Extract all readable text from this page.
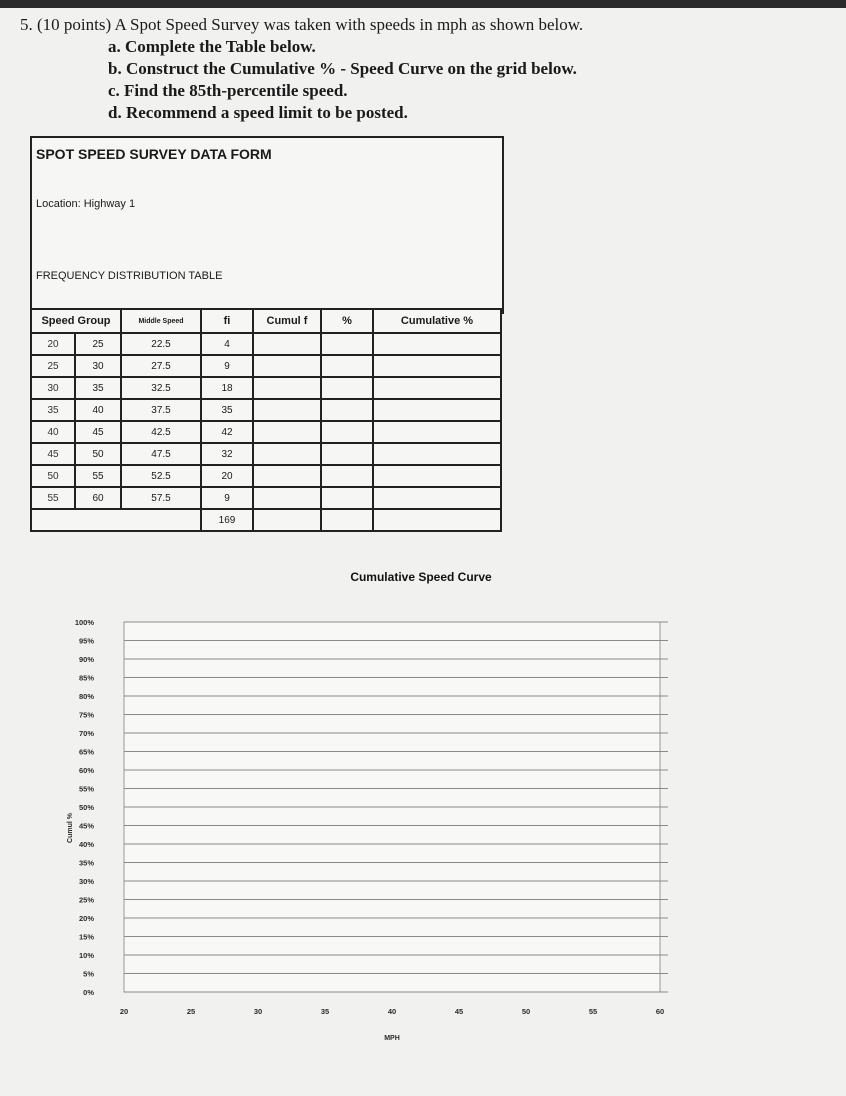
5. (10 points) A Spot Speed Survey was taken with speeds in mph as shown below.
a. Complete the Table below.
b. Construct the Cumulative % - Speed Curve on the grid below.
c. Find the 85th-percentile speed.
d. Recommend a speed limit to be posted.
SPOT SPEED SURVEY DATA FORM
Location: Highway 1
FREQUENCY DISTRIBUTION TABLE
Speed Group		Middle Speed	fi	Cumul f	%	Cumulative %
20	25	22.5	4			
25	30	27.5	9			
30	35	32.5	18			
35	40	37.5	35			
40	45	42.5	42			
45	50	47.5	32			
50	55	52.5	20			
55	60	57.5	9			
			169			
0%
5%
10%
15%
20%
25%
30%
35%
40%
45%
50%
55%
60%
65%
70%
75%
80%
85%
90%
95%
100%
20	25	30	35	40	45	50	55	60
Cumulative Speed Curve
MPH
Cumul %
